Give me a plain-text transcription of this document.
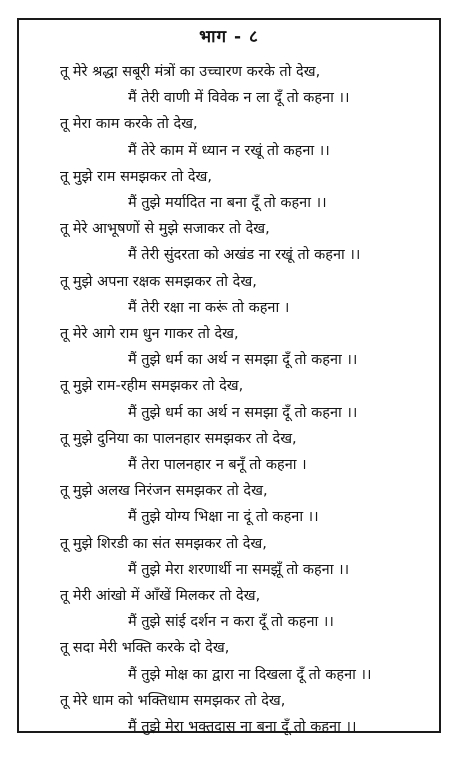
भाग - ८
तू मेरे श्रद्धा सबूरी मंत्रों का उच्चारण करके तो देख,
मैं तेरी वाणी में विवेक न ला दूँ तो कहना ।।
तू मेरा काम करके तो देख,
मैं तेरे काम में ध्यान न रखूं तो कहना ।।
तू मुझे राम समझकर तो देख,
मैं तुझे मर्यादित ना बना दूँ तो कहना ।।
तू मेरे आभूषणों से मुझे सजाकर तो देख,
मैं तेरी सुंदरता को अखंड ना रखूं तो कहना ।।
तू मुझे अपना रक्षक समझकर तो देख,
मैं तेरी रक्षा ना करूं तो कहना ।
तू मेरे आगे राम धुन गाकर तो देख,
मैं तुझे धर्म का अर्थ न समझा दूँ तो कहना ।।
तू मुझे राम-रहीम समझकर तो देख,
मैं तुझे धर्म का अर्थ न समझा दूँ तो कहना ।।
तू मुझे दुनिया का पालनहार समझकर तो देख,
मैं तेरा पालनहार न बनूँ तो कहना ।
तू मुझे अलख निरंजन समझकर तो देख,
मैं तुझे योग्य भिक्षा ना दूं तो कहना ।।
तू मुझे शिरडी का संत समझकर तो देख,
मैं तुझे मेरा शरणार्थी ना समझूँ तो कहना ।।
तू मेरी आंखो में आँखें मिलकर तो देख,
मैं तुझे सांई दर्शन न करा दूँ तो कहना ।।
तू सदा मेरी भक्ति करके दो देख,
मैं तुझे मोक्ष का द्वारा ना दिखला दूँ तो कहना ।।
तू मेरे धाम को भक्तिधाम समझकर तो देख,
मैं तुझे मेरा भक्तदास ना बना दूँ तो कहना ।।
